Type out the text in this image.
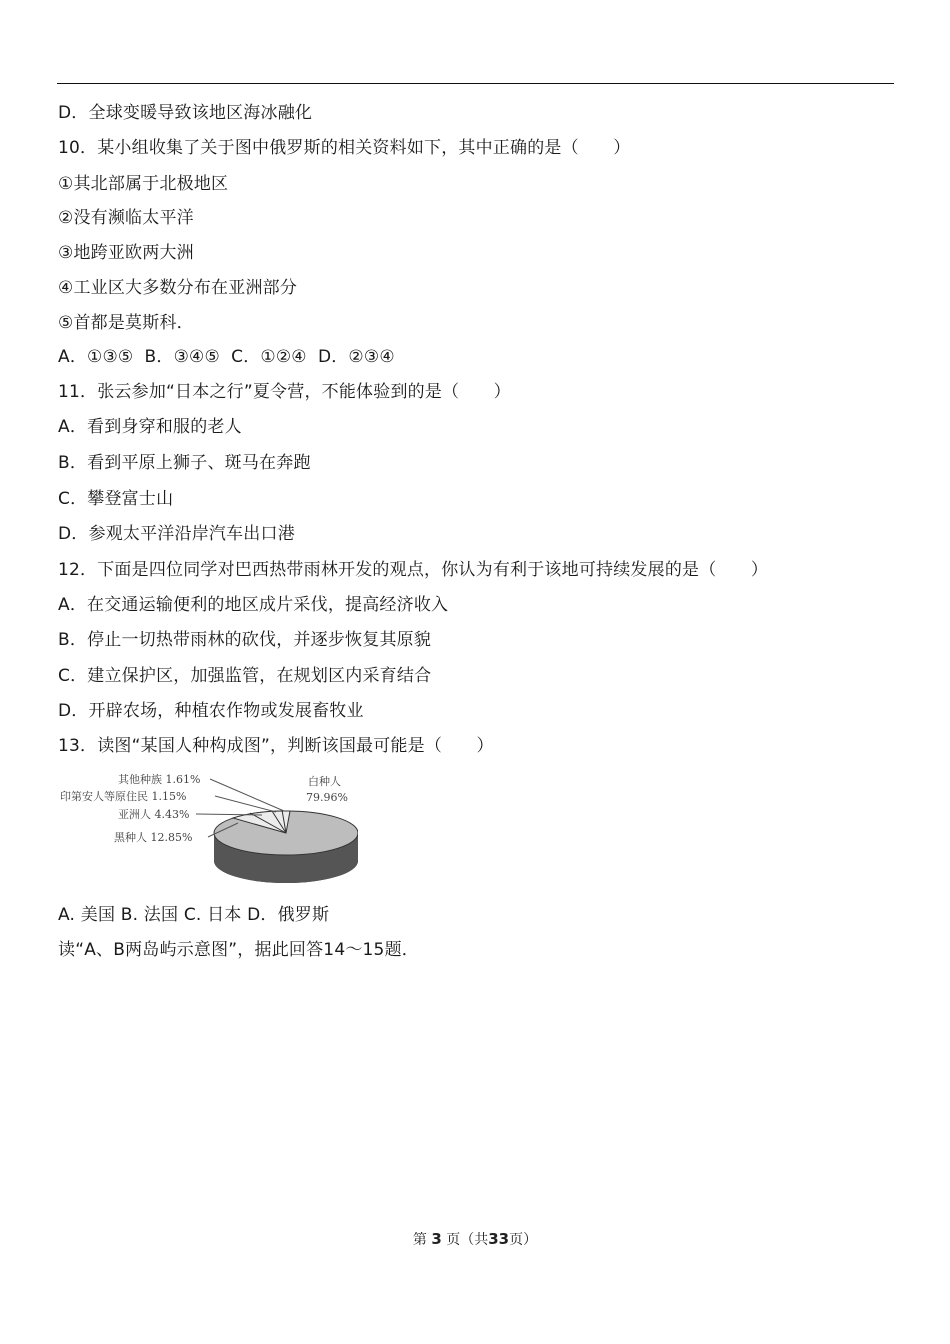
D．全球变暖导致该地区海冰融化
10．某小组收集了关于图中俄罗斯的相关资料如下，其中正确的是（　　）
①其北部属于北极地区
②没有濒临太平洋
③地跨亚欧两大洲
④工业区大多数分布在亚洲部分
⑤首都是莫斯科．
A．①③⑤  B．③④⑤  C．①②④  D．②③④
11．张云参加“日本之行”夏令营，不能体验到的是（　　）
A．看到身穿和服的老人
B．看到平原上狮子、斑马在奔跑
C．攀登富士山
D．参观太平洋沿岸汽车出口港
12．下面是四位同学对巴西热带雨林开发的观点，你认为有利于该地可持续发展的是（　　）
A．在交通运输便利的地区成片采伐，提高经济收入
B．停止一切热带雨林的砍伐，并逐步恢复其原貌
C．建立保护区，加强监管，在规划区内采育结合
D．开辟农场，种植农作物或发展畜牧业
13．读图“某国人种构成图”，判断该国最可能是（　　）
其他种族 1.61%
印第安人等原住民 1.15%
亚洲人 4.43%
黑种人 12.85%
白种人
79.96%
A. 美国 B. 法国 C. 日本 D．俄罗斯
读“A、B两岛屿示意图”，据此回答14～15题．
第 3 页（共33页）
